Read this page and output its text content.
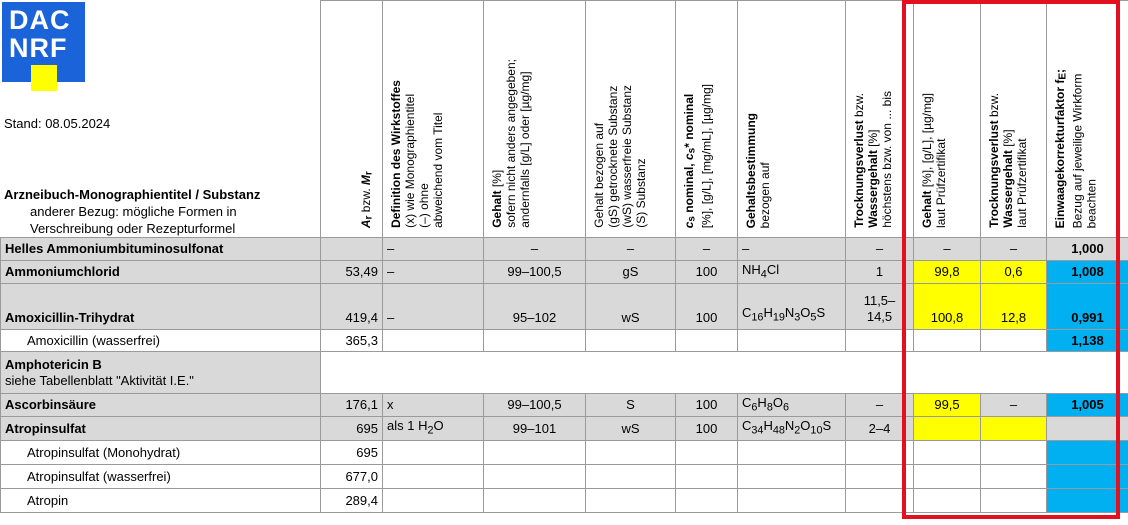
	$A_r$ bzw. $M_r$	Definition des Wirkstoffes
(x) wie Monographientitel
(–) ohne
abweichend vom Titel	Gehalt [%]
sofern nicht anders angegeben;
andernfalls [g/L] oder [µg/mg]	Gehalt bezogen auf
(gS) getrocknete Substanz
(wS) wasserfreie Substanz
(S) Substanz	$c_s$ nominal, $c_s*$ nominal [%], [g/L], [mg/mL], [µg/mg]	Gehaltsbestimmung
bezogen auf	Trocknungsverlust bzw.
Wassergehalt [%]
höchstens bzw. von ... bis	Gehalt [%], [g/L], [µg/mg]
laut Prüfzertifikat	Trocknungsverlust bzw.
Wassergehalt [%]
laut Prüfzertifikat	Einwaagekorrekturfaktor $f_E$;
Bezug auf jeweilige Wirkform
beachten
Helles Ammoniumbituminosulfonat		–	–	–	–	–	–	–	–	1,000
Ammoniumchlorid	53,49	–	99–100,5	gS	100	$NH_4Cl$	1	99,8	0,6	1,008
Amoxicillin-Trihydrat	419,4	–	95–102	wS	100	$C_{16}H_{19}N_3O_5S$	11,5–
14,5	100,8	12,8	0,991
Amoxicillin (wasserfrei)	365,3									1,138
Amphotericin B
siehe Tabellenblatt "Aktivität I.E."										
Ascorbinsäure	176,1	x	99–100,5	S	100	$C_6H_8O_6$	–	99,5	–	1,005
Atropinsulfat	695	als 1 $H_2O$	99–101	wS	100	$C_{34}H_{48}N_2O_{10}S$	2–4			
Atropinsulfat (Monohydrat)	695									
Atropinsulfat (wasserfrei)	677,0									
Atropin	289,4									
DAC
NRF
Stand: 08.05.2024
Arzneibuch-Monographientitel / Substanz
anderer Bezug: mögliche Formen in
Verschreibung oder Rezepturformel
